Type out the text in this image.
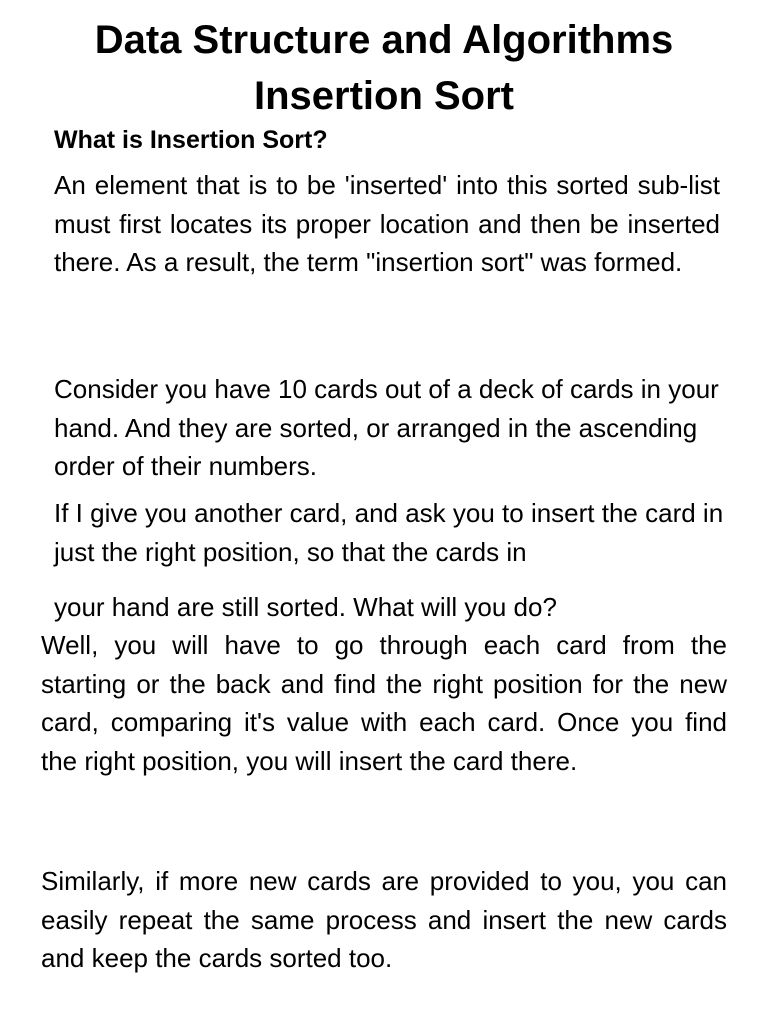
Data Structure and Algorithms
Insertion Sort
What is Insertion Sort?

An element that is to be 'inserted' into this sorted sub-list must first locates its proper location and then be inserted there. As a result, the term "insertion sort" was formed.

Consider you have 10 cards out of a deck of cards in your hand. And they are sorted, or arranged in the ascending order of their numbers.

If I give you another card, and ask you to insert the card in just the right position, so that the cards in

your hand are still sorted. What will you do?

Well, you will have to go through each card from the starting or the back and find the right position for the new card, comparing it's value with each card. Once you find the right position, you will insert the card there.

Similarly, if more new cards are provided to you, you can easily repeat the same process and insert the new cards and keep the cards sorted too.
